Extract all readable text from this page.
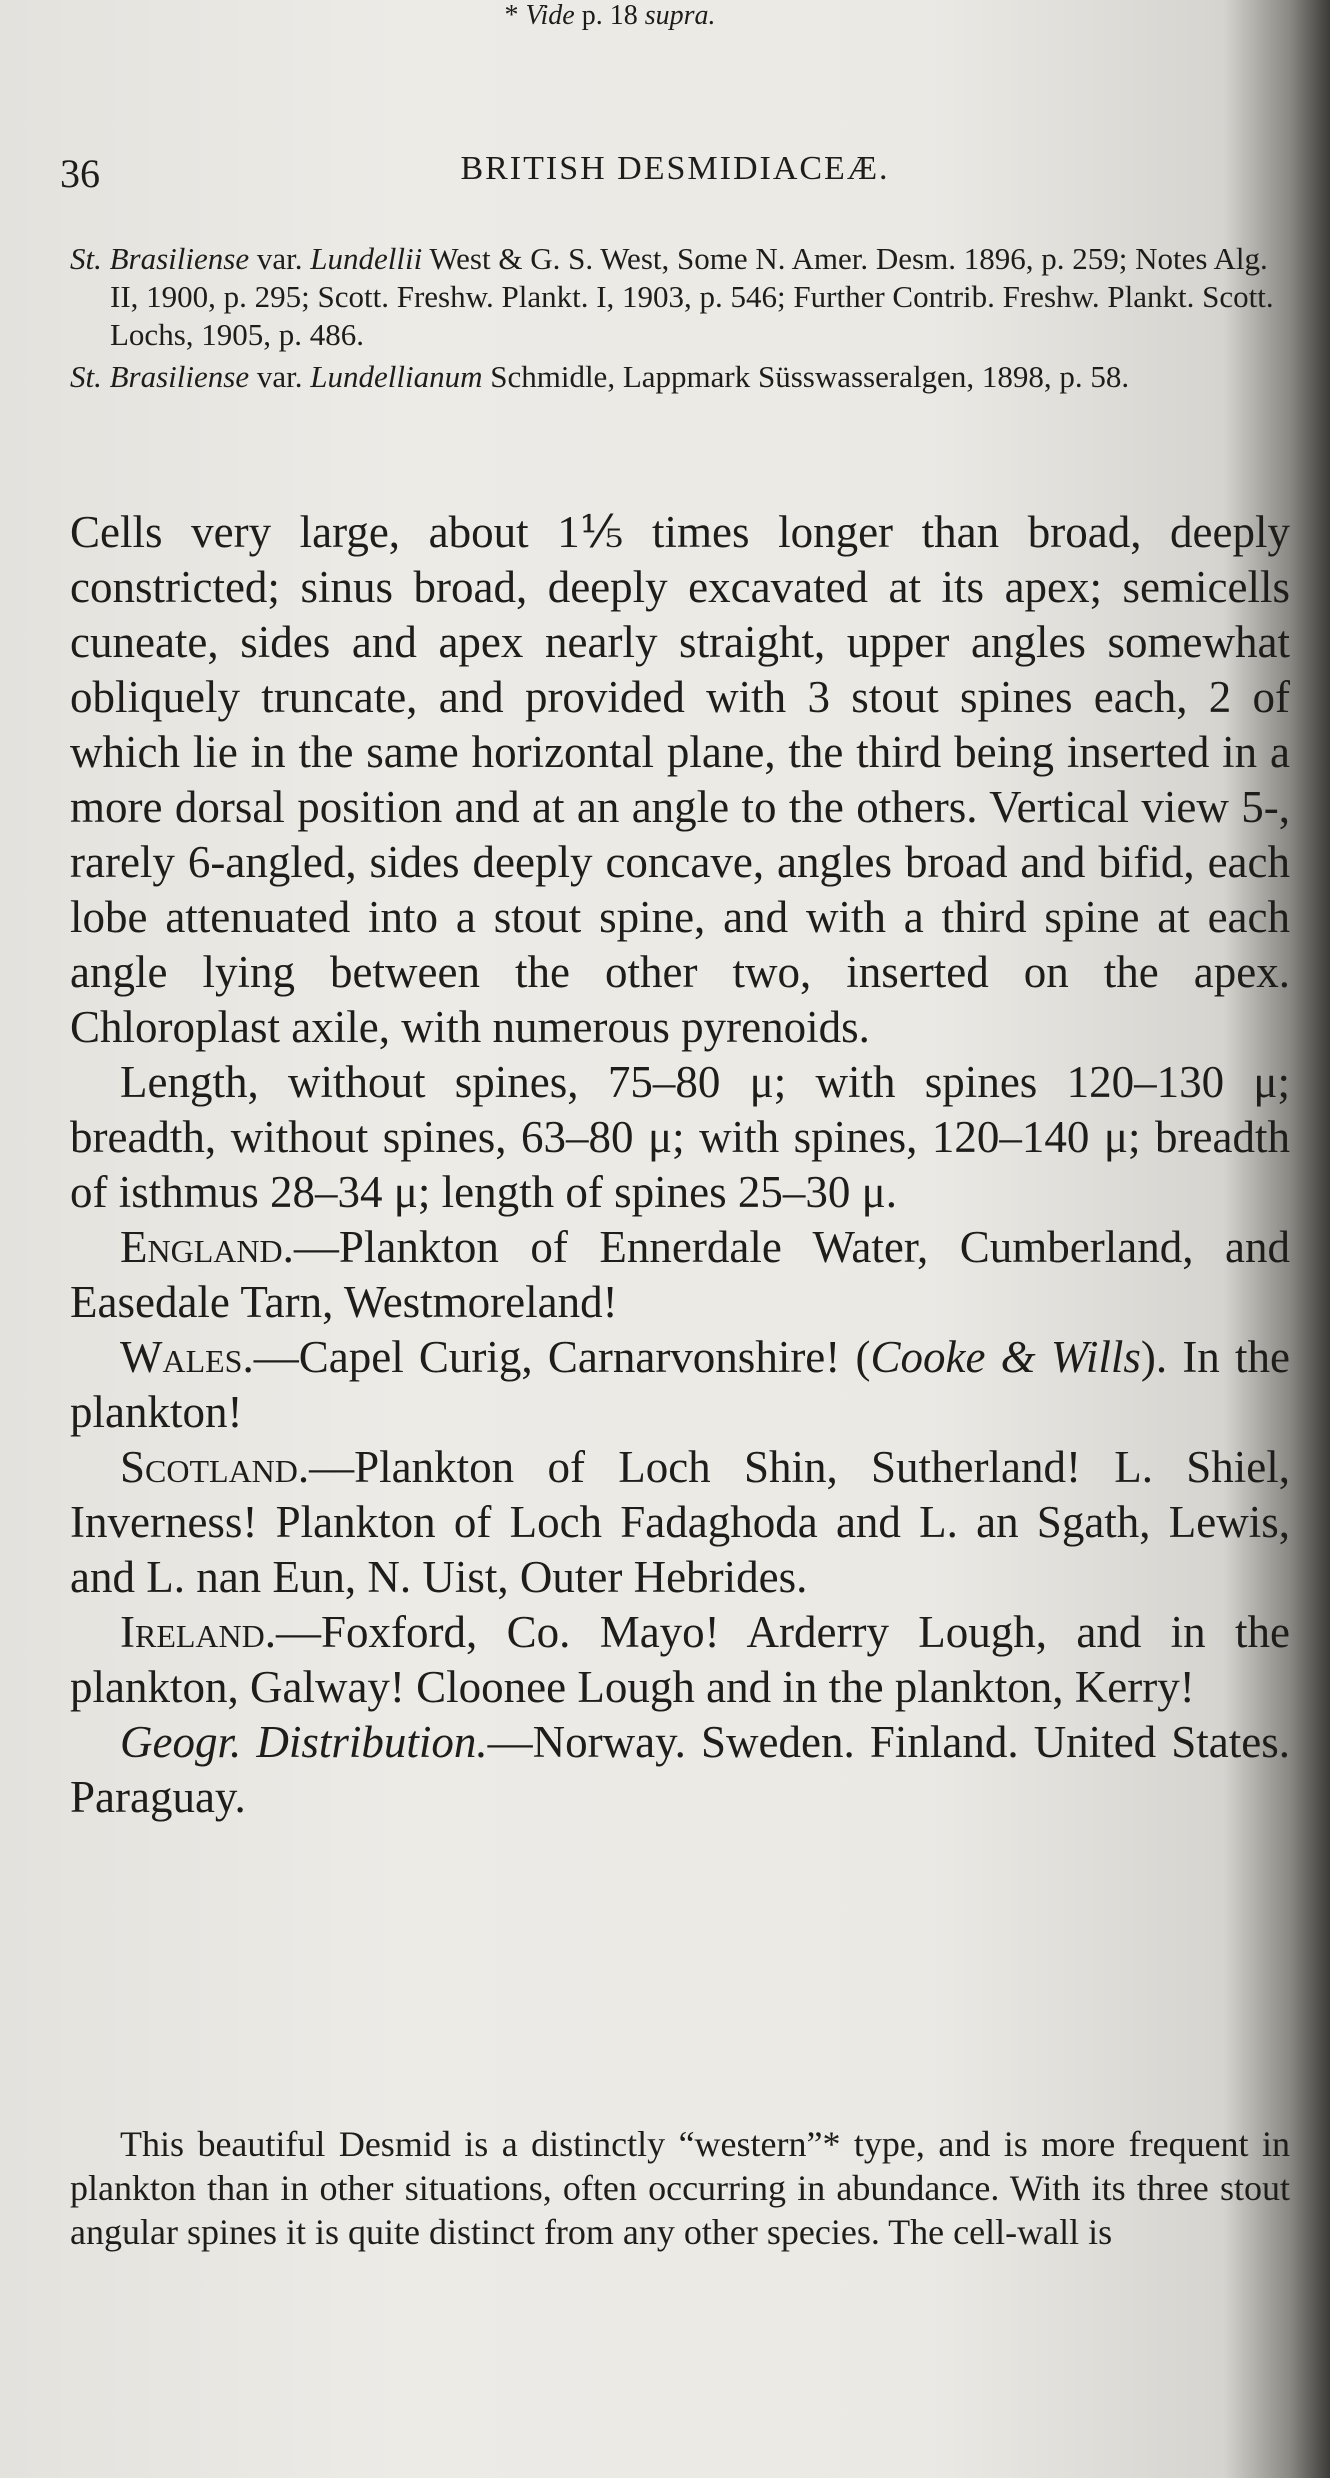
36	BRITISH DESMIDIACEÆ.

St. Brasiliense var. Lundellii West & G. S. West, Some N. Amer. Desm. 1896, p. 259; Notes Alg. II, 1900, p. 295; Scott. Freshw. Plankt. I, 1903, p. 546; Further Contrib. Freshw. Plankt. Scott. Lochs, 1905, p. 486.

St. Brasiliense var. Lundellianum Schmidle, Lappmark Süsswasseralgen, 1898, p. 58.

Cells very large, about 1⅕ times longer than broad, deeply constricted; sinus broad, deeply excavated at its apex; semicells cuneate, sides and apex nearly straight, upper angles somewhat obliquely truncate, and provided with 3 stout spines each, 2 of which lie in the same horizontal plane, the third being inserted in a more dorsal position and at an angle to the others. Vertical view 5-, rarely 6-angled, sides deeply concave, angles broad and bifid, each lobe attenuated into a stout spine, and with a third spine at each angle lying between the other two, inserted on the apex. Chloroplast axile, with numerous pyrenoids.

Length, without spines, 75–80 μ; with spines 120–130 μ; breadth, without spines, 63–80 μ; with spines, 120–140 μ; breadth of isthmus 28–34 μ; length of spines 25–30 μ.

England.—Plankton of Ennerdale Water, Cumberland, and Easedale Tarn, Westmoreland!

Wales.—Capel Curig, Carnarvonshire! (Cooke & Wills). In the plankton!

Scotland.—Plankton of Loch Shin, Sutherland! L. Shiel, Inverness! Plankton of Loch Fadaghoda and L. an Sgath, Lewis, and L. nan Eun, N. Uist, Outer Hebrides.

Ireland.—Foxford, Co. Mayo! Arderry Lough, and in the plankton, Galway! Cloonee Lough and in the plankton, Kerry!

Geogr. Distribution.—Norway. Sweden. Finland. United States. Paraguay.

This beautiful Desmid is a distinctly “western”* type, and is more frequent in plankton than in other situations, often occurring in abundance. With its three stout angular spines it is quite distinct from any other species. The cell-wall is

* Vide p. 18 supra.
